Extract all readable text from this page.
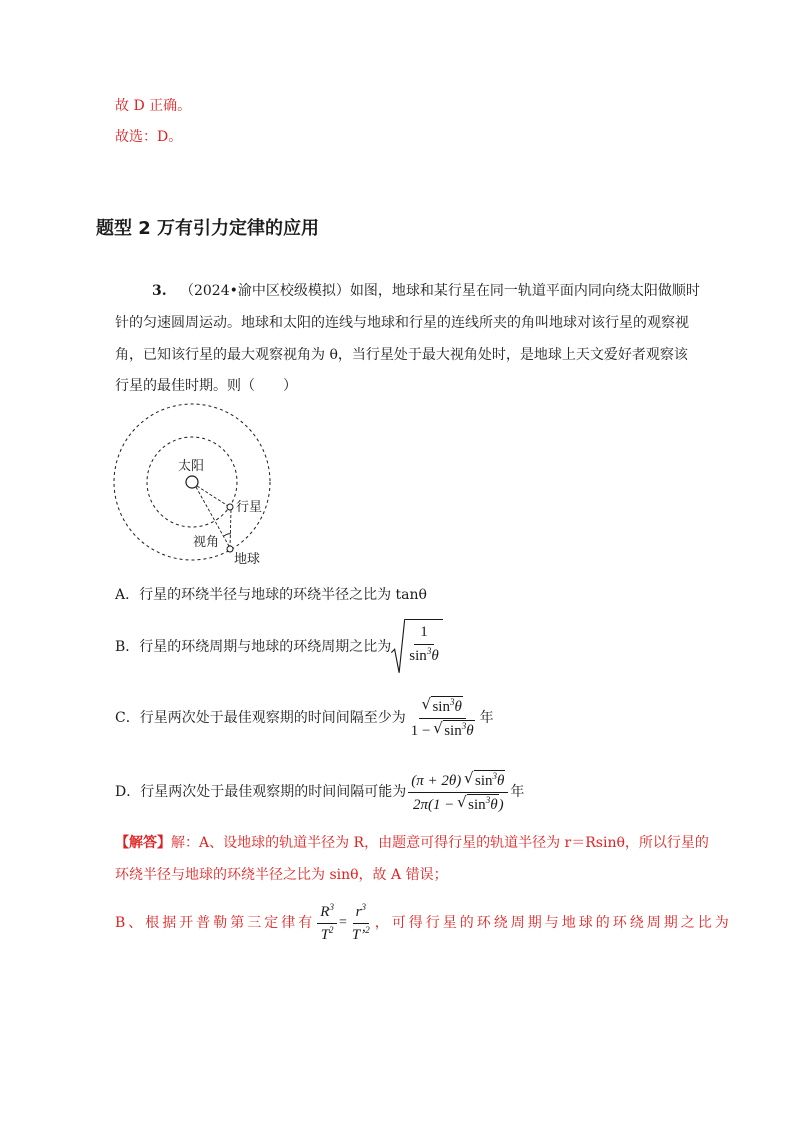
故 D 正确。
故选：D。
题型 2 万有引力定律的应用
3. （2024•渝中区校级模拟）如图，地球和某行星在同一轨道平面内同向绕太阳做顺时
针的匀速圆周运动。地球和太阳的连线与地球和行星的连线所夹的角叫地球对该行星的观察视
角，已知该行星的最大观察视角为 θ，当行星处于最大视角处时，是地球上天文爱好者观察该
行星的最佳时期。则（　　）
太阳
行星
视角
地球
A．行星的环绕半径与地球的环绕半径之比为 tanθ
B．行星的环绕周期与地球的环绕周期之比为 $\frac{1}{\sin^3\theta}$
C．行星两次处于最佳观察期的时间间隔至少为 √ $\frac{\sin^3\theta}{1 - √ \sin^3\theta}$ 年
D．行星两次处于最佳观察期的时间间隔可能为 $\frac{(\pi + 2\theta) √ \sin^3\theta}{2\pi(1 - √ \sin^3\theta)}$ 年
【解答】解：A、设地球的轨道半径为 R，由题意可得行星的轨道半径为 r＝Rsinθ，所以行星的
环绕半径与地球的环绕半径之比为 sinθ，故 A 错误；
B、根据开普勒第三定律有 $\frac{R^3}{T^2} = \frac{r^3}{T’^2}$ ，可得行星的环绕周期与地球的环绕周期之比为
